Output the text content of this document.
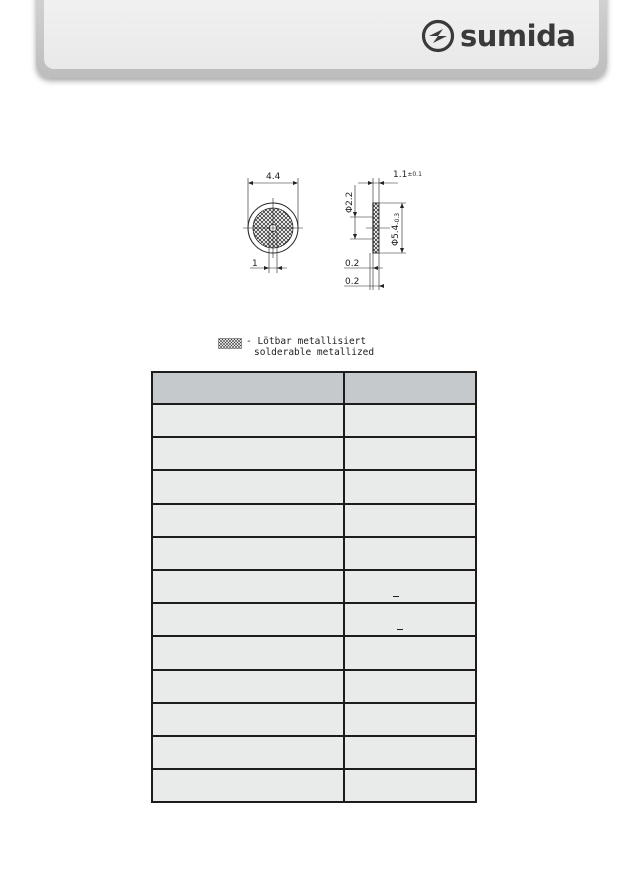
sumida
4.4
1
1.1±0.1
Φ2.2
Φ5.4-0.3
0.2
0.2
- Lötbar metallisiert
solderable metallized
